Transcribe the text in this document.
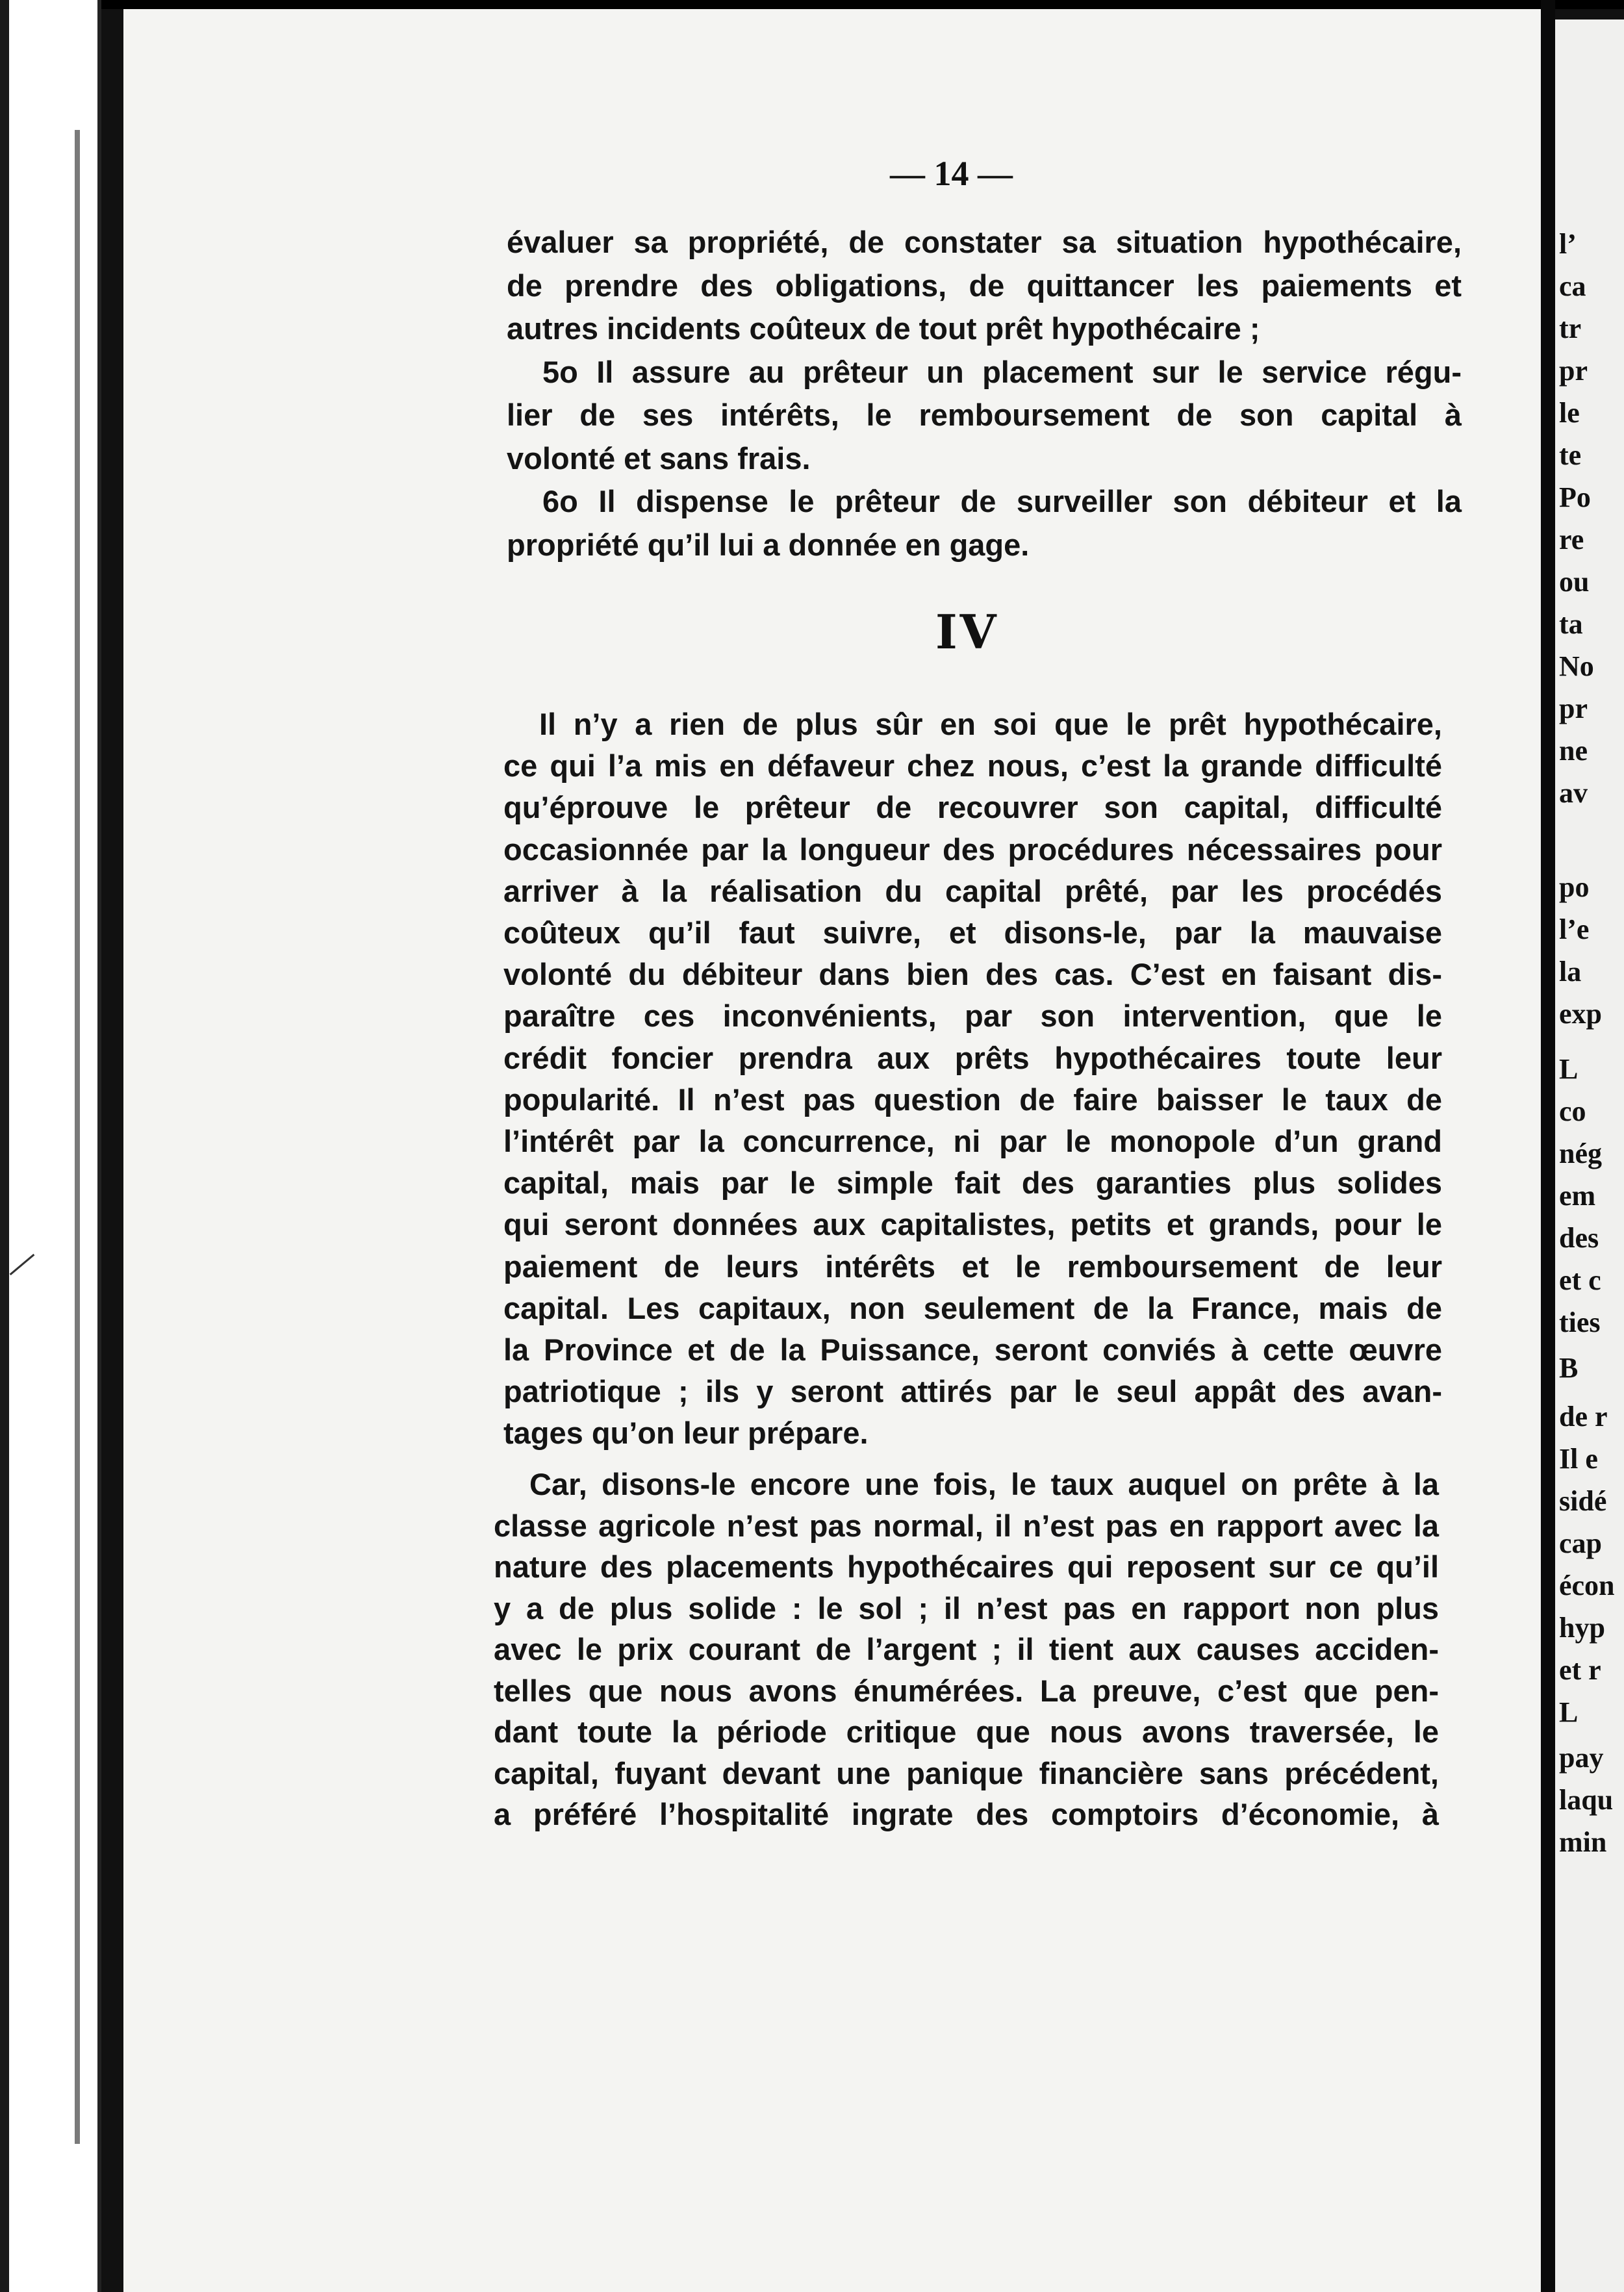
— 14 —
évaluer sa propriété, de constater sa situation hypothécaire,
de prendre des obligations, de quittancer les paiements et
autres incidents coûteux de tout prêt hypothécaire ;
5o Il assure au prêteur un placement sur le service régu-
lier de ses intérêts, le remboursement de son capital à
volonté et sans frais.
6o Il dispense le prêteur de surveiller son débiteur et la
propriété qu’il lui a donnée en gage.
IV
Il n’y a rien de plus sûr en soi que le prêt hypothécaire,
ce qui l’a mis en défaveur chez nous, c’est la grande difficulté
qu’éprouve le prêteur de recouvrer son capital, difficulté
occasionnée par la longueur des procédures nécessaires pour
arriver à la réalisation du capital prêté, par les procédés
coûteux qu’il faut suivre, et disons-le, par la mauvaise
volonté du débiteur dans bien des cas. C’est en faisant dis-
paraître ces inconvénients, par son intervention, que le
crédit foncier prendra aux prêts hypothécaires toute leur
popularité. Il n’est pas question de faire baisser le taux de
l’intérêt par la concurrence, ni par le monopole d’un grand
capital, mais par le simple fait des garanties plus solides
qui seront données aux capitalistes, petits et grands, pour le
paiement de leurs intérêts et le remboursement de leur
capital. Les capitaux, non seulement de la France, mais de
la Province et de la Puissance, seront conviés à cette œuvre
patriotique ; ils y seront attirés par le seul appât des avan-
tages qu’on leur prépare.
Car, disons-le encore une fois, le taux auquel on prête à la
classe agricole n’est pas normal, il n’est pas en rapport avec la
nature des placements hypothécaires qui reposent sur ce qu’il
y a de plus solide : le sol ; il n’est pas en rapport non plus
avec le prix courant de l’argent ; il tient aux causes acciden-
telles que nous avons énumérées. La preuve, c’est que pen-
dant toute la période critique que nous avons traversée, le
capital, fuyant devant une panique financière sans précédent,
a préféré l’hospitalité ingrate des comptoirs d’économie, à
l’
ca
tr
pr
le
te
Po
re
ou
ta
No
pr
ne
av
po
l’e
la
exp
L
co
nég
em
des
et c
ties
B
de r
Il e
sidé
cap
écon
hyp
et r
L
pay
laqu
min
